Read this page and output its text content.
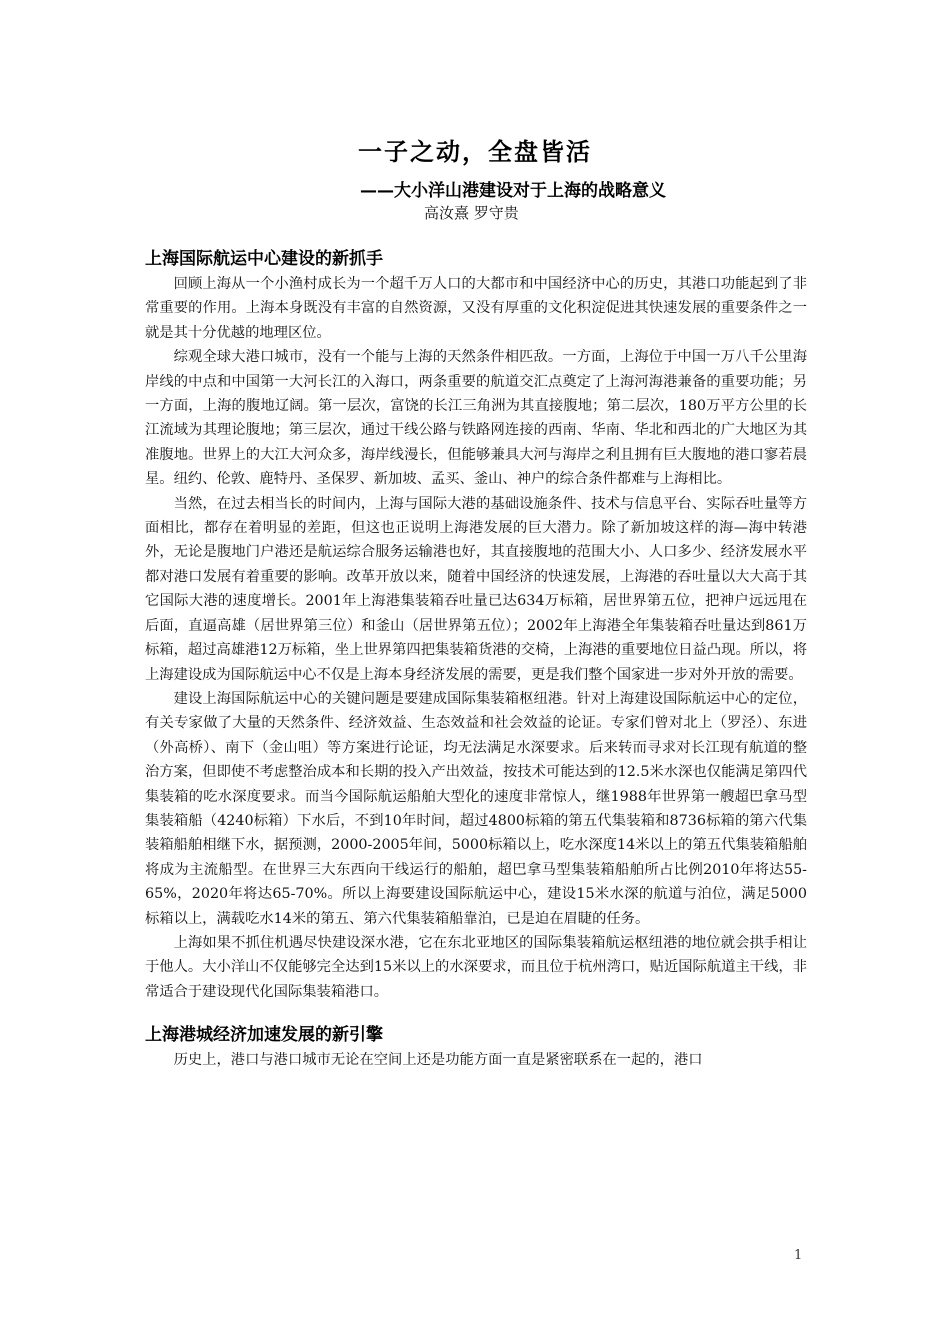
一子之动，全盘皆活
——大小洋山港建设对于上海的战略意义
高汝熹 罗守贵
上海国际航运中心建设的新抓手

回顾上海从一个小渔村成长为一个超千万人口的大都市和中国经济中心的历史，其港口功能起到了非常重要的作用。上海本身既没有丰富的自然资源，又没有厚重的文化积淀促进其快速发展的重要条件之一就是其十分优越的地理区位。

综观全球大港口城市，没有一个能与上海的天然条件相匹敌。一方面，上海位于中国一万八千公里海岸线的中点和中国第一大河长江的入海口，两条重要的航道交汇点奠定了上海河海港兼备的重要功能；另一方面，上海的腹地辽阔。第一层次，富饶的长江三角洲为其直接腹地；第二层次，180万平方公里的长江流域为其理论腹地；第三层次，通过干线公路与铁路网连接的西南、华南、华北和西北的广大地区为其准腹地。世界上的大江大河众多，海岸线漫长，但能够兼具大河与海岸之利且拥有巨大腹地的港口寥若晨星。纽约、伦敦、鹿特丹、圣保罗、新加坡、孟买、釜山、神户的综合条件都难与上海相比。

当然，在过去相当长的时间内，上海与国际大港的基础设施条件、技术与信息平台、实际吞吐量等方面相比，都存在着明显的差距，但这也正说明上海港发展的巨大潜力。除了新加坡这样的海—海中转港外，无论是腹地门户港还是航运综合服务运输港也好，其直接腹地的范围大小、人口多少、经济发展水平都对港口发展有着重要的影响。改革开放以来，随着中国经济的快速发展，上海港的吞吐量以大大高于其它国际大港的速度增长。2001年上海港集装箱吞吐量已达634万标箱，居世界第五位，把神户远远甩在后面，直逼高雄（居世界第三位）和釜山（居世界第五位）；2002年上海港全年集装箱吞吐量达到861万标箱，超过高雄港12万标箱，坐上世界第四把集装箱货港的交椅，上海港的重要地位日益凸现。所以，将上海建设成为国际航运中心不仅是上海本身经济发展的需要，更是我们整个国家进一步对外开放的需要。

建设上海国际航运中心的关键问题是要建成国际集装箱枢纽港。针对上海建设国际航运中心的定位，有关专家做了大量的天然条件、经济效益、生态效益和社会效益的论证。专家们曾对北上（罗泾）、东进（外高桥）、南下（金山咀）等方案进行论证，均无法满足水深要求。后来转而寻求对长江现有航道的整治方案，但即使不考虑整治成本和长期的投入产出效益，按技术可能达到的12.5米水深也仅能满足第四代集装箱的吃水深度要求。而当今国际航运船舶大型化的速度非常惊人，继1988年世界第一艘超巴拿马型集装箱船（4240标箱）下水后，不到10年时间，超过4800标箱的第五代集装箱和8736标箱的第六代集装箱船舶相继下水，据预测，2000-2005年间，5000标箱以上，吃水深度14米以上的第五代集装箱船舶将成为主流船型。在世界三大东西向干线运行的船舶，超巴拿马型集装箱船舶所占比例2010年将达55-65%，2020年将达65-70%。所以上海要建设国际航运中心，建设15米水深的航道与泊位，满足5000标箱以上，满载吃水14米的第五、第六代集装箱船靠泊，已是迫在眉睫的任务。

上海如果不抓住机遇尽快建设深水港，它在东北亚地区的国际集装箱航运枢纽港的地位就会拱手相让于他人。大小洋山不仅能够完全达到15米以上的水深要求，而且位于杭州湾口，贴近国际航道主干线，非常适合于建设现代化国际集装箱港口。

上海港城经济加速发展的新引擎

历史上，港口与港口城市无论在空间上还是功能方面一直是紧密联系在一起的，港口

1
